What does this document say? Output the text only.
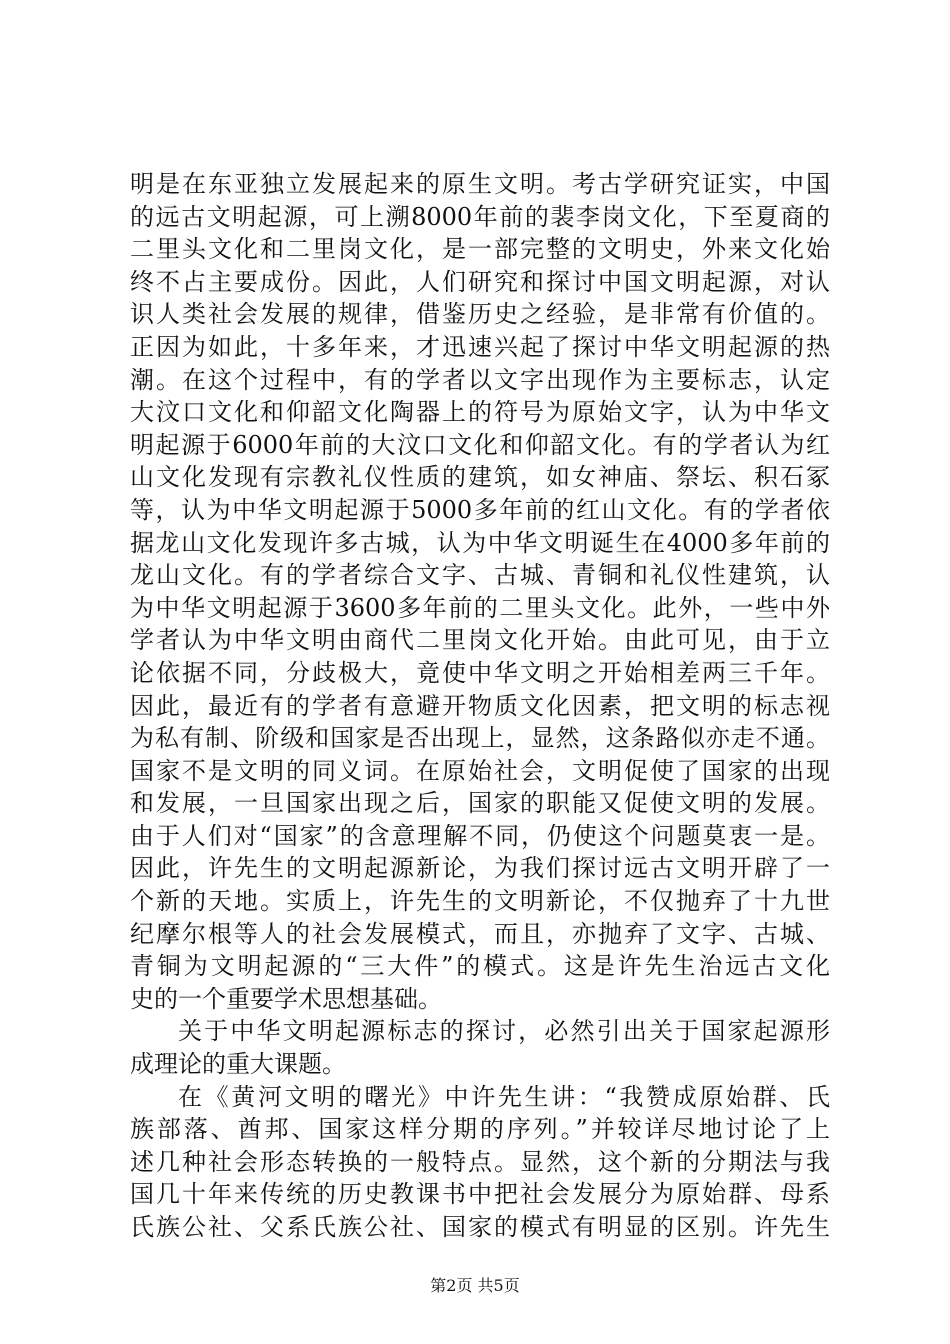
明是在东亚独立发展起来的原生文明。考古学研究证实，中国
的远古文明起源，可上溯8000年前的裴李岗文化，下至夏商的
二里头文化和二里岗文化，是一部完整的文明史，外来文化始
终不占主要成份。因此，人们研究和探讨中国文明起源，对认
识人类社会发展的规律，借鉴历史之经验，是非常有价值的。
正因为如此，十多年来，才迅速兴起了探讨中华文明起源的热
潮。在这个过程中，有的学者以文字出现作为主要标志，认定
大汶口文化和仰韶文化陶器上的符号为原始文字，认为中华文
明起源于6000年前的大汶口文化和仰韶文化。有的学者认为红
山文化发现有宗教礼仪性质的建筑，如女神庙、祭坛、积石冢
等，认为中华文明起源于5000多年前的红山文化。有的学者依
据龙山文化发现许多古城，认为中华文明诞生在4000多年前的
龙山文化。有的学者综合文字、古城、青铜和礼仪性建筑，认
为中华文明起源于3600多年前的二里头文化。此外，一些中外
学者认为中华文明由商代二里岗文化开始。由此可见，由于立
论依据不同，分歧极大，竟使中华文明之开始相差两三千年。
因此，最近有的学者有意避开物质文化因素，把文明的标志视
为私有制、阶级和国家是否出现上，显然，这条路似亦走不通。
国家不是文明的同义词。在原始社会，文明促使了国家的出现
和发展，一旦国家出现之后，国家的职能又促使文明的发展。
由于人们对“国家”的含意理解不同，仍使这个问题莫衷一是。
因此，许先生的文明起源新论，为我们探讨远古文明开辟了一
个新的天地。实质上，许先生的文明新论，不仅抛弃了十九世
纪摩尔根等人的社会发展模式，而且，亦抛弃了文字、古城、
青铜为文明起源的“三大件”的模式。这是许先生治远古文化
史的一个重要学术思想基础。
关于中华文明起源标志的探讨，必然引出关于国家起源形
成理论的重大课题。
在《黄河文明的曙光》中许先生讲：“我赞成原始群、氏
族部落、酋邦、国家这样分期的序列。”并较详尽地讨论了上
述几种社会形态转换的一般特点。显然，这个新的分期法与我
国几十年来传统的历史教课书中把社会发展分为原始群、母系
氏族公社、父系氏族公社、国家的模式有明显的区别。许先生
第2页 共5页
